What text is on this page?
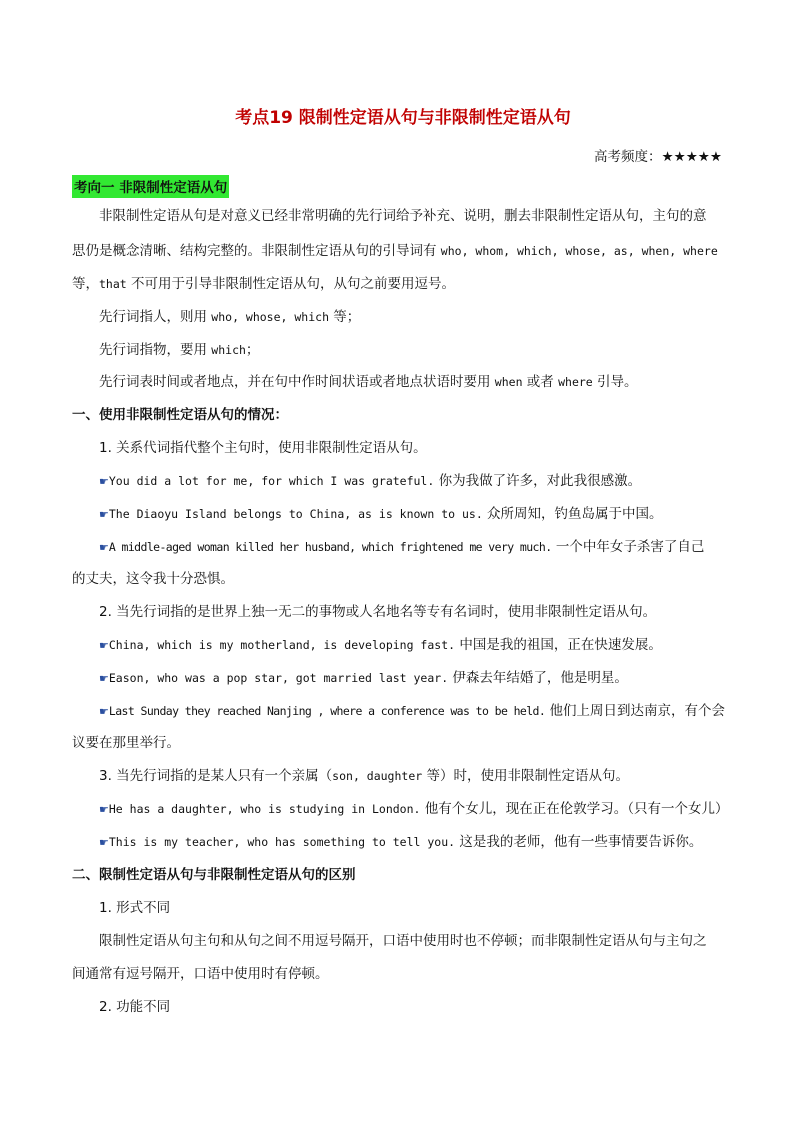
考点19 限制性定语从句与非限制性定语从句
高考频度：★★★★★
考向一 非限制性定语从句
非限制性定语从句是对意义已经非常明确的先行词给予补充、说明，删去非限制性定语从句，主句的意
思仍是概念清晰、结构完整的。非限制性定语从句的引导词有 who, whom, which, whose, as, when, where
等，that 不可用于引导非限制性定语从句，从句之前要用逗号。
先行词指人，则用 who, whose, which 等；
先行词指物，要用 which；
先行词表时间或者地点，并在句中作时间状语或者地点状语时要用 when 或者 where 引导。
一、使用非限制性定语从句的情况：
1. 关系代词指代整个主句时，使用非限制性定语从句。
☛You did a lot for me, for which I was grateful. 你为我做了许多，对此我很感激。
☛The Diaoyu Island belongs to China, as is known to us. 众所周知，钓鱼岛属于中国。
☛A middle-aged woman killed her husband, which frightened me very much. 一个中年女子杀害了自己
的丈夫，这令我十分恐惧。
2. 当先行词指的是世界上独一无二的事物或人名地名等专有名词时，使用非限制性定语从句。
☛China, which is my motherland, is developing fast. 中国是我的祖国，正在快速发展。
☛Eason, who was a pop star, got married last year. 伊森去年结婚了，他是明星。
☛Last Sunday they reached Nanjing , where a conference was to be held. 他们上周日到达南京，有个会
议要在那里举行。
3. 当先行词指的是某人只有一个亲属（son, daughter 等）时，使用非限制性定语从句。
☛He has a daughter, who is studying in London. 他有个女儿，现在正在伦敦学习。（只有一个女儿）
☛This is my teacher, who has something to tell you. 这是我的老师，他有一些事情要告诉你。
二、限制性定语从句与非限制性定语从句的区别
1. 形式不同
限制性定语从句主句和从句之间不用逗号隔开，口语中使用时也不停顿；而非限制性定语从句与主句之
间通常有逗号隔开，口语中使用时有停顿。
2. 功能不同
